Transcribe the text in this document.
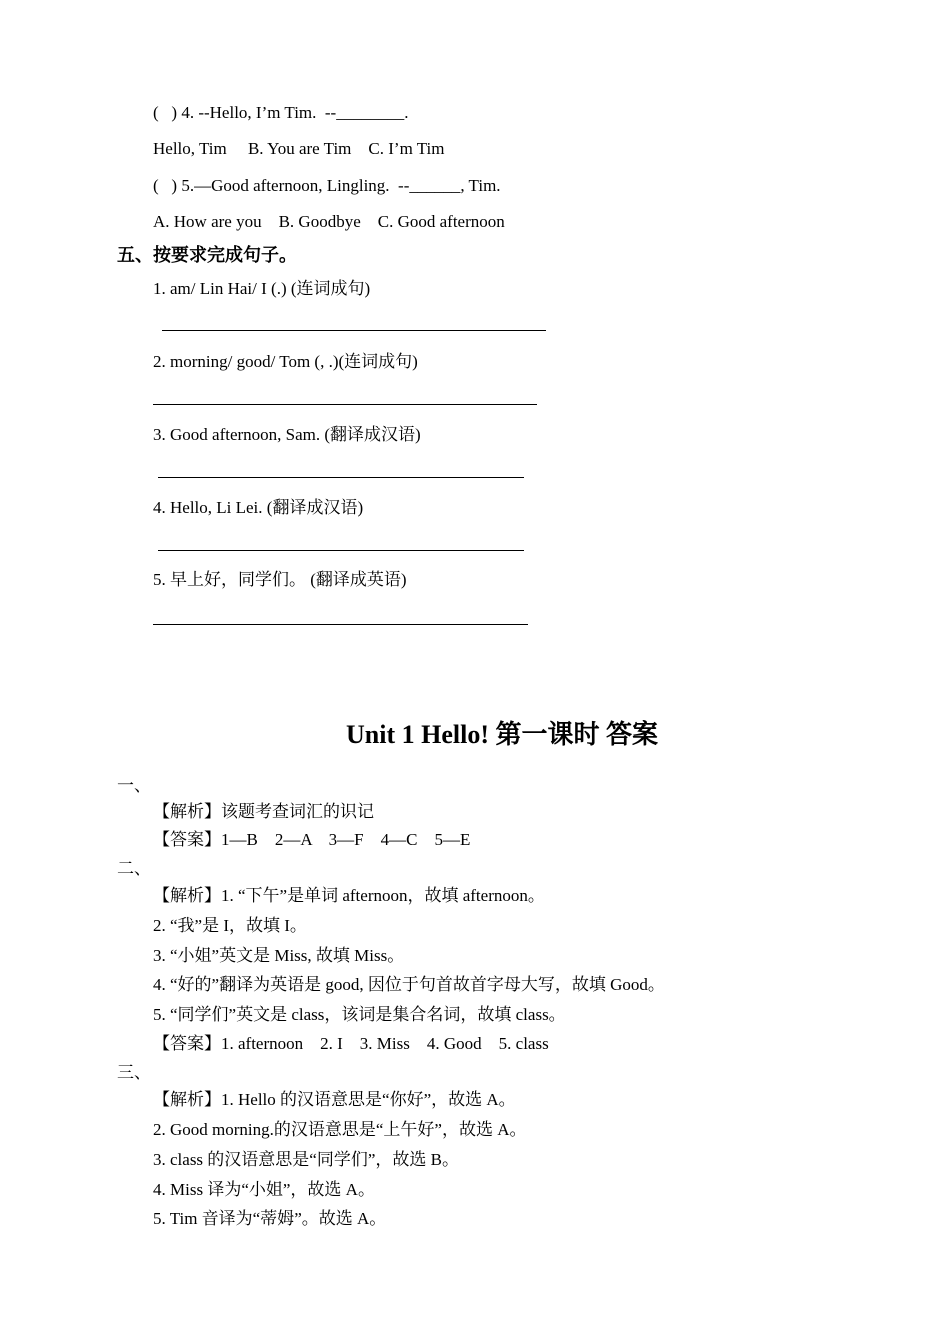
(   ) 4. --Hello, I’m Tim.  --________.
Hello, Tim     B. You are Tim    C. I’m Tim
(   ) 5.—Good afternoon, Lingling.  --______, Tim.
A. How are you    B. Goodbye    C. Good afternoon
五、按要求完成句子。
1. am/ Lin Hai/ I (.) (连词成句)
2. morning/ good/ Tom (, .)(连词成句)
3. Good afternoon, Sam. (翻译成汉语)
4. Hello, Li Lei. (翻译成汉语)
5. 早上好，同学们。 (翻译成英语)
Unit 1 Hello! 第一课时 答案
一、
【解析】该题考查词汇的识记
【答案】1—B    2—A    3—F    4—C    5—E
二、
【解析】1. “下午”是单词 afternoon，故填 afternoon。
2. “我”是 I，故填 I。
3. “小姐”英文是 Miss, 故填 Miss。
4. “好的”翻译为英语是 good, 因位于句首故首字母大写，故填 Good。
5. “同学们”英文是 class，该词是集合名词，故填 class。
【答案】1. afternoon    2. I    3. Miss    4. Good    5. class
三、
【解析】1. Hello 的汉语意思是“你好”，故选 A。
2. Good morning.的汉语意思是“上午好”，故选 A。
3. class 的汉语意思是“同学们”，故选 B。
4. Miss 译为“小姐”，故选 A。
5. Tim 音译为“蒂姆”。故选 A。
